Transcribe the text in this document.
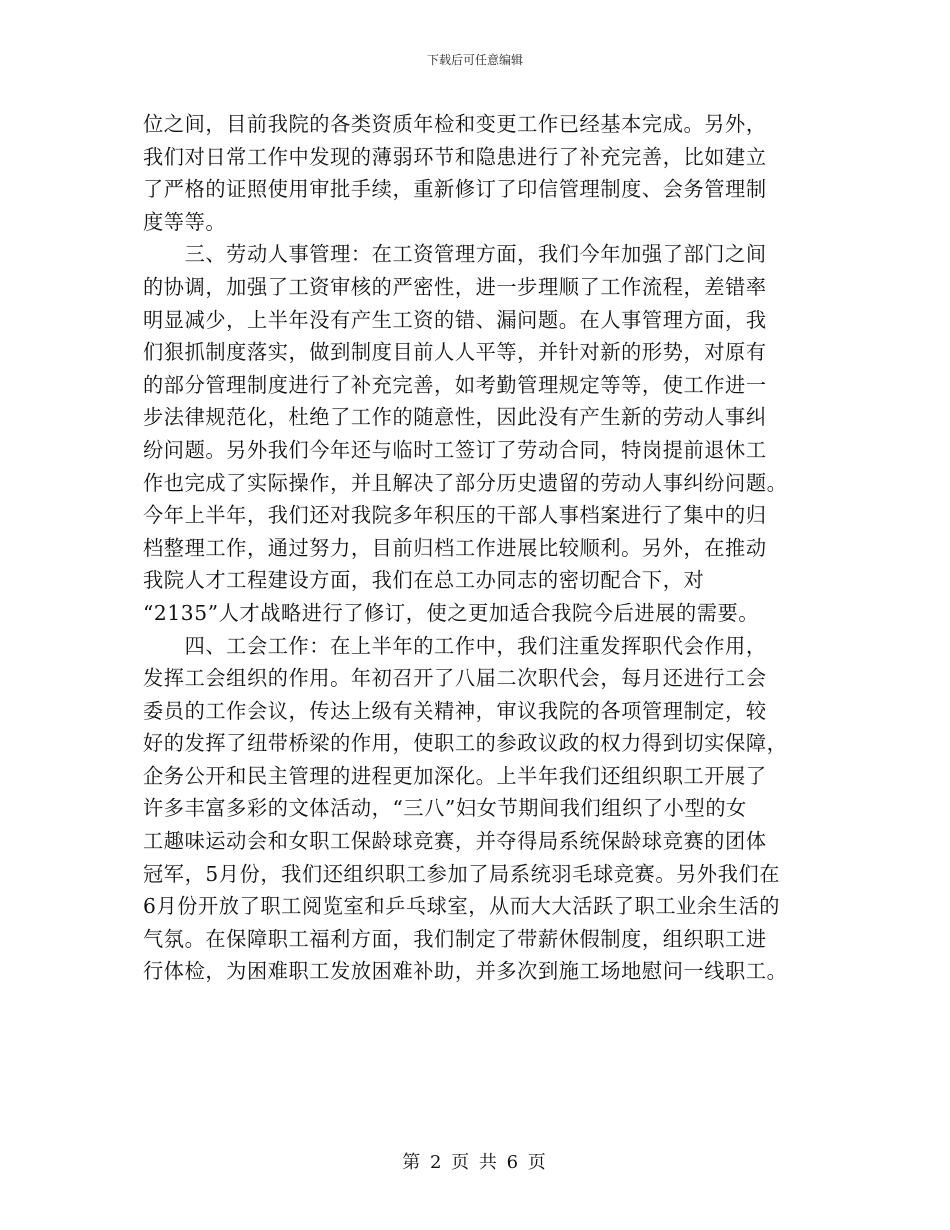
下载后可任意编辑
位之间，目前我院的各类资质年检和变更工作已经基本完成。另外，
我们对日常工作中发现的薄弱环节和隐患进行了补充完善，比如建立
了严格的证照使用审批手续，重新修订了印信管理制度、会务管理制
度等等。
　　三、劳动人事管理：在工资管理方面，我们今年加强了部门之间
的协调，加强了工资审核的严密性，进一步理顺了工作流程，差错率
明显减少，上半年没有产生工资的错、漏问题。在人事管理方面，我
们狠抓制度落实，做到制度目前人人平等，并针对新的形势，对原有
的部分管理制度进行了补充完善，如考勤管理规定等等，使工作进一
步法律规范化，杜绝了工作的随意性，因此没有产生新的劳动人事纠
纷问题。另外我们今年还与临时工签订了劳动合同，特岗提前退休工
作也完成了实际操作，并且解决了部分历史遗留的劳动人事纠纷问题。
今年上半年，我们还对我院多年积压的干部人事档案进行了集中的归
档整理工作，通过努力，目前归档工作进展比较顺利。另外，在推动
我院人才工程建设方面，我们在总工办同志的密切配合下，对
“2135”人才战略进行了修订，使之更加适合我院今后进展的需要。
　　四、工会工作：在上半年的工作中，我们注重发挥职代会作用，
发挥工会组织的作用。年初召开了八届二次职代会，每月还进行工会
委员的工作会议，传达上级有关精神，审议我院的各项管理制定，较
好的发挥了纽带桥梁的作用，使职工的参政议政的权力得到切实保障，
企务公开和民主管理的进程更加深化。上半年我们还组织职工开展了
许多丰富多彩的文体活动，“三八”妇女节期间我们组织了小型的女
工趣味运动会和女职工保龄球竞赛，并夺得局系统保龄球竞赛的团体
冠军，5月份，我们还组织职工参加了局系统羽毛球竞赛。另外我们在
6月份开放了职工阅览室和乒乓球室，从而大大活跃了职工业余生活的
气氛。在保障职工福利方面，我们制定了带薪休假制度，组织职工进
行体检，为困难职工发放困难补助，并多次到施工场地慰问一线职工。
第 2 页 共 6 页
